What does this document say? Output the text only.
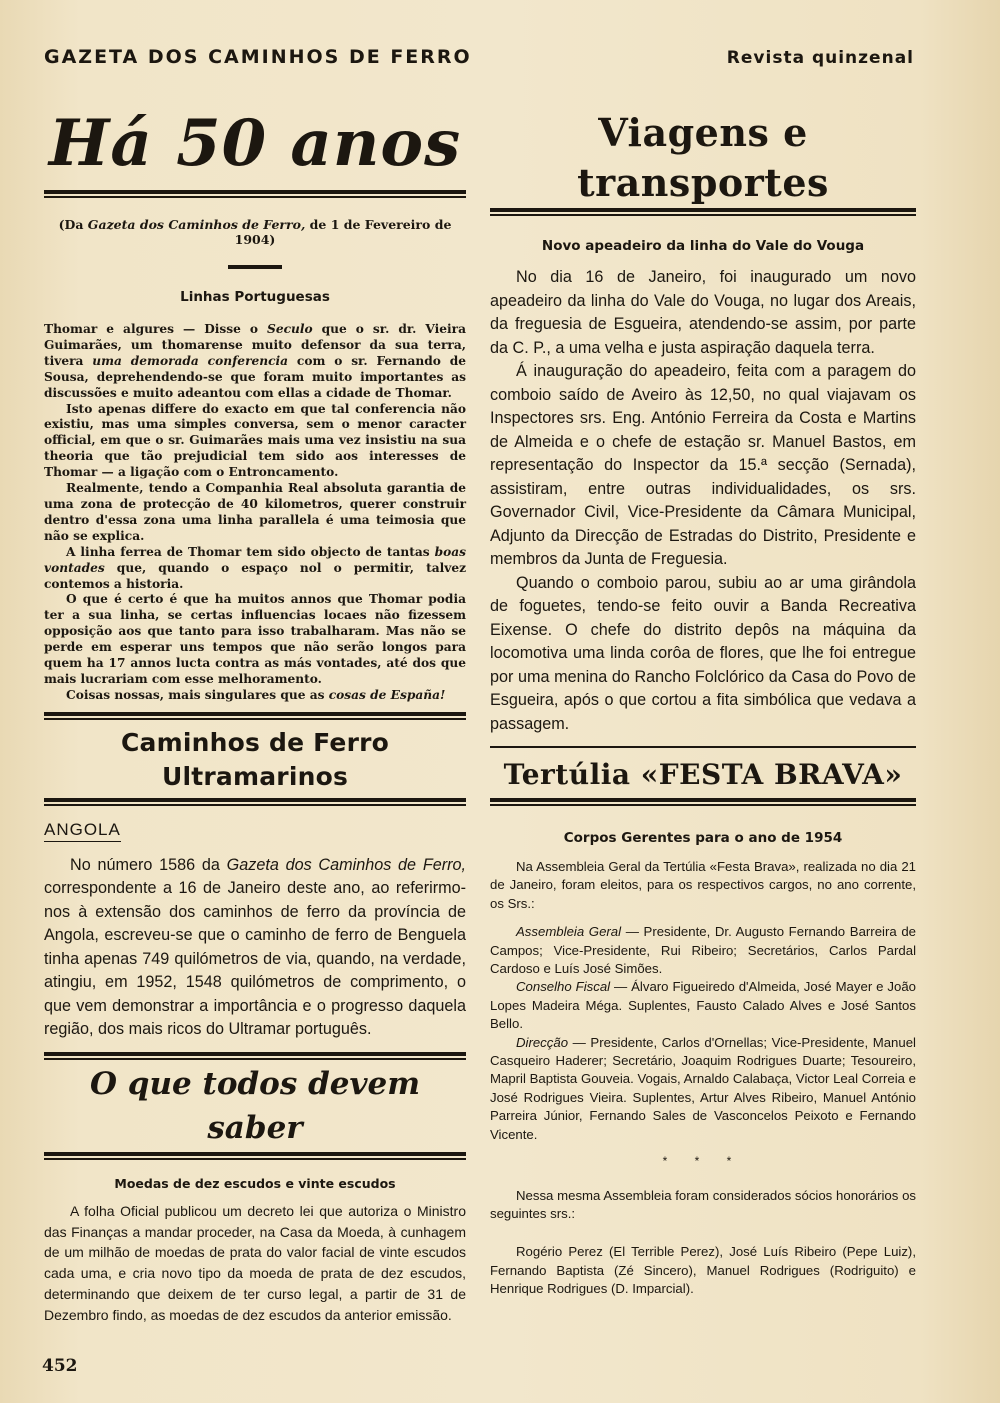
GAZETA DOS CAMINHOS DE FERRO	Revista quinzenal
Há 50 anos
(Da Gazeta dos Caminhos de Ferro, de 1 de Fevereiro de 1904)
Linhas Portuguesas

Thomar e algures — Disse o Seculo que o sr. dr. Vieira Guimarães, um thomarense muito defensor da sua terra, tivera uma demorada conferencia com o sr. Fernando de Sousa, deprehendendo-se que foram muito importantes as discussões e muito adeantou com ellas a cidade de Thomar.

Isto apenas differe do exacto em que tal conferencia não existiu, mas uma simples conversa, sem o menor caracter official, em que o sr. Guimarães mais uma vez insistiu na sua theoria que tão prejudicial tem sido aos interesses de Thomar — a ligação com o Entroncamento.

Realmente, tendo a Companhia Real absoluta garantia de uma zona de protecção de 40 kilometros, querer construir dentro d'essa zona uma linha parallela é uma teimosia que não se explica.

A linha ferrea de Thomar tem sido objecto de tantas boas vontades que, quando o espaço nol o permitir, talvez contemos a historia.

O que é certo é que ha muitos annos que Thomar podia ter a sua linha, se certas influencias locaes não fizessem opposição aos que tanto para isso trabalharam. Mas não se perde em esperar uns tempos que não serão longos para quem ha 17 annos lucta contra as más vontades, até dos que mais lucrariam com esse melhoramento.

Coisas nossas, mais singulares que as cosas de España!

Caminhos de Ferro Ultramarinos
ANGOLA

No número 1586 da Gazeta dos Caminhos de Ferro, correspondente a 16 de Janeiro deste ano, ao referirmo-nos à extensão dos caminhos de ferro da província de Angola, escreveu-se que o caminho de ferro de Benguela tinha apenas 749 quilómetros de via, quando, na verdade, atingiu, em 1952, 1548 quilómetros de comprimento, o que vem demonstrar a importância e o progresso daquela região, dos mais ricos do Ultramar português.

O que todos devem saber
Moedas de dez escudos e vinte escudos

A folha Oficial publicou um decreto lei que autoriza o Ministro das Finanças a mandar proceder, na Casa da Moeda, à cunhagem de um milhão de moedas de prata do valor facial de vinte escudos cada uma, e cria novo tipo da moeda de prata de dez escudos, determinando que deixem de ter curso legal, a partir de 31 de Dezembro findo, as moedas de dez escudos da anterior emissão.

Viagens e transportes
Novo apeadeiro da linha do Vale do Vouga

No dia 16 de Janeiro, foi inaugurado um novo apeadeiro da linha do Vale do Vouga, no lugar dos Areais, da freguesia de Esgueira, atendendo-se assim, por parte da C. P., a uma velha e justa aspiração daquela terra.

Á inauguração do apeadeiro, feita com a paragem do comboio saído de Aveiro às 12,50, no qual viajavam os Inspectores srs. Eng. António Ferreira da Costa e Martins de Almeida e o chefe de estação sr. Manuel Bastos, em representação do Inspector da 15.ª secção (Sernada), assistiram, entre outras individualidades, os srs. Governador Civil, Vice-Presidente da Câmara Municipal, Adjunto da Direcção de Estradas do Distrito, Presidente e membros da Junta de Freguesia.

Quando o comboio parou, subiu ao ar uma girândola de foguetes, tendo-se feito ouvir a Banda Recreativa Eixense. O chefe do distrito depôs na máquina da locomotiva uma linda corôa de flores, que lhe foi entregue por uma menina do Rancho Folclórico da Casa do Povo de Esgueira, após o que cortou a fita simbólica que vedava a passagem.

Tertúlia «FESTA BRAVA»
Corpos Gerentes para o ano de 1954

Na Assembleia Geral da Tertúlia «Festa Brava», realizada no dia 21 de Janeiro, foram eleitos, para os respectivos cargos, no ano corrente, os Srs.:

Assembleia Geral — Presidente, Dr. Augusto Fernando Barreira de Campos; Vice-Presidente, Rui Ribeiro; Secretários, Carlos Pardal Cardoso e Luís José Simões.

Conselho Fiscal — Álvaro Figueiredo d'Almeida, José Mayer e João Lopes Madeira Méga. Suplentes, Fausto Calado Alves e José Santos Bello.

Direcção — Presidente, Carlos d'Ornellas; Vice-Presidente, Manuel Casqueiro Haderer; Secretário, Joaquim Rodrigues Duarte; Tesoureiro, Mapril Baptista Gouveia. Vogais, Arnaldo Calabaça, Victor Leal Correia e José Rodrigues Vieira. Suplentes, Artur Alves Ribeiro, Manuel António Parreira Júnior, Fernando Sales de Vasconcelos Peixoto e Fernando Vicente.

* * *

Nessa mesma Assembleia foram considerados sócios honorários os seguintes srs.:

Rogério Perez (El Terrible Perez), José Luís Ribeiro (Pepe Luiz), Fernando Baptista (Zé Sincero), Manuel Rodrigues (Rodriguito) e Henrique Rodrigues (D. Imparcial).

452
